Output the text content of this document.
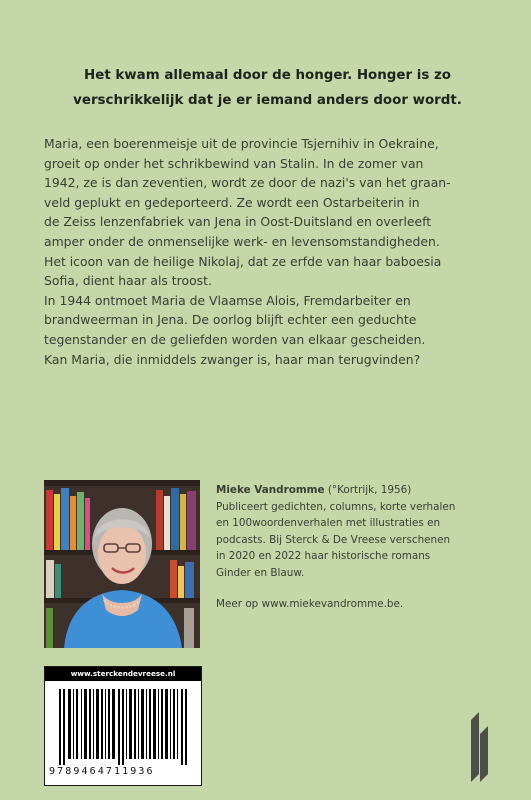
Het kwam allemaal door de honger. Honger is zo
verschrikkelijk dat je er iemand anders door wordt.

Maria, een boerenmeisje uit de provincie Tsjernihiv in Oekraine,

groeit op onder het schrikbewind van Stalin. In de zomer van

1942, ze is dan zeventien, wordt ze door de nazi's van het graan-

veld geplukt en gedeporteerd. Ze wordt een Ostarbeiterin in

de Zeiss lenzenfabriek van Jena in Oost-Duitsland en overleeft

amper onder de onmenselijke werk- en levensomstandigheden.

Het icoon van de heilige Nikolaj, dat ze erfde van haar baboesia

Sofia, dient haar als troost.

In 1944 ontmoet Maria de Vlaamse Alois, Fremdarbeiter en

brandweerman in Jena. De oorlog blijft echter een geduchte

tegenstander en de geliefden worden van elkaar gescheiden.

Kan Maria, die inmiddels zwanger is, haar man terugvinden?

Mieke Vandromme (°Kortrijk, 1956)

Publiceert gedichten, columns, korte verhalen

en 100woordenverhalen met illustraties en

podcasts. Bij Sterck & De Vreese verschenen

in 2020 en 2022 haar historische romans

Ginder en Blauw.

Meer op www.miekevandromme.be.

www.sterckendevreese.nl
9789464711936
